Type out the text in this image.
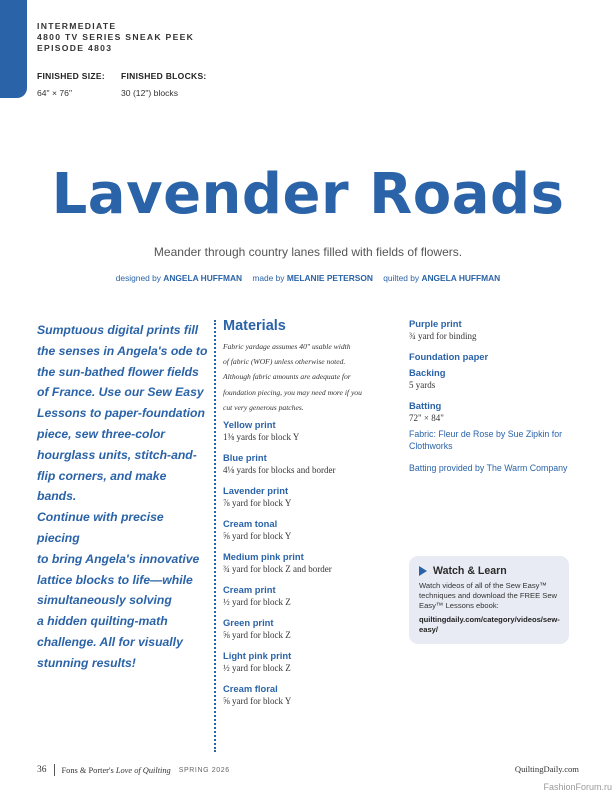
INTERMEDIATE
4800 TV SERIES SNEAK PEEK
EPISODE 4803
FINISHED SIZE:
64" × 76"
FINISHED BLOCKS:
30 (12") blocks
Lavender Roads
Meander through country lanes filled with fields of flowers.
designed by ANGELA HUFFMAN made by MELANIE PETERSON quilted by ANGELA HUFFMAN
Sumptuous digital prints fill
the senses in Angela's ode to
the sun-bathed flower fields
of France. Use our Sew Easy
Lessons to paper-foundation
piece, sew three-color
hourglass units, stitch-and-
flip corners, and make bands.
Continue with precise piecing
to bring Angela's innovative
lattice blocks to life—while
simultaneously solving
a hidden quilting-math
challenge. All for visually
stunning results!
Materials
Fabric yardage assumes 40" usable width
of fabric (WOF) unless otherwise noted.
Although fabric amounts are adequate for
foundation piecing, you may need more if you
cut very generous patches.
Yellow print
1⅜ yards for block Y
Blue print
4⅛ yards for blocks and border
Lavender print
⅞ yard for block Y
Cream tonal
⅝ yard for block Y
Medium pink print
¾ yard for block Z and border
Cream print
½ yard for block Z
Green print
⅝ yard for block Z
Light pink print
½ yard for block Z
Cream floral
⅝ yard for block Y
Purple print
¾ yard for binding
Foundation paper
Backing
5 yards
Batting
72" × 84"
Fabric: Fleur de Rose by Sue Zipkin for Clothworks
Batting provided by The Warm Company
Watch & Learn
Watch videos of all of the Sew Easy™ techniques and download the FREE Sew Easy™ Lessons ebook:
quiltingdaily.com/category/videos/sew-easy/
36 Fons & Porter's Love of Quilting SPRING 2026	QuiltingDaily.com
FashionForum.ru
